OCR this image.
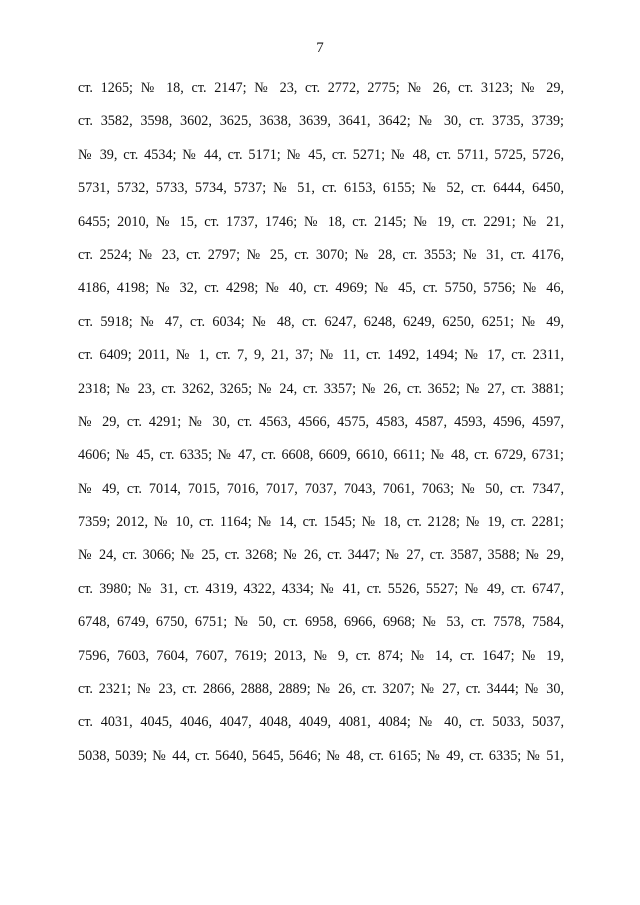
7
ст. 1265; № 18, ст. 2147; № 23, ст. 2772, 2775; № 26, ст. 3123; № 29,
ст. 3582, 3598, 3602, 3625, 3638, 3639, 3641, 3642; № 30, ст. 3735, 3739;
№ 39, ст. 4534; № 44, ст. 5171; № 45, ст. 5271; № 48, ст. 5711, 5725, 5726,
5731, 5732, 5733, 5734, 5737; № 51, ст. 6153, 6155; № 52, ст. 6444, 6450,
6455; 2010, № 15, ст. 1737, 1746; № 18, ст. 2145; № 19, ст. 2291; № 21,
ст. 2524; № 23, ст. 2797; № 25, ст. 3070; № 28, ст. 3553; № 31, ст. 4176,
4186, 4198; № 32, ст. 4298; № 40, ст. 4969; № 45, ст. 5750, 5756; № 46,
ст. 5918; № 47, ст. 6034; № 48, ст. 6247, 6248, 6249, 6250, 6251; № 49,
ст. 6409; 2011, № 1, ст. 7, 9, 21, 37; № 11, ст. 1492, 1494; № 17, ст. 2311,
2318; № 23, ст. 3262, 3265; № 24, ст. 3357; № 26, ст. 3652; № 27, ст. 3881;
№ 29, ст. 4291; № 30, ст. 4563, 4566, 4575, 4583, 4587, 4593, 4596, 4597,
4606; № 45, ст. 6335; № 47, ст. 6608, 6609, 6610, 6611; № 48, ст. 6729, 6731;
№ 49, ст. 7014, 7015, 7016, 7017, 7037, 7043, 7061, 7063; № 50, ст. 7347,
7359; 2012, № 10, ст. 1164; № 14, ст. 1545; № 18, ст. 2128; № 19, ст. 2281;
№ 24, ст. 3066; № 25, ст. 3268; № 26, ст. 3447; № 27, ст. 3587, 3588; № 29,
ст. 3980; № 31, ст. 4319, 4322, 4334; № 41, ст. 5526, 5527; № 49, ст. 6747,
6748, 6749, 6750, 6751; № 50, ст. 6958, 6966, 6968; № 53, ст. 7578, 7584,
7596, 7603, 7604, 7607, 7619; 2013, № 9, ст. 874; № 14, ст. 1647; № 19,
ст. 2321; № 23, ст. 2866, 2888, 2889; № 26, ст. 3207; № 27, ст. 3444; № 30,
ст. 4031, 4045, 4046, 4047, 4048, 4049, 4081, 4084; № 40, ст. 5033, 5037,
5038, 5039; № 44, ст. 5640, 5645, 5646; № 48, ст. 6165; № 49, ст. 6335; № 51,
